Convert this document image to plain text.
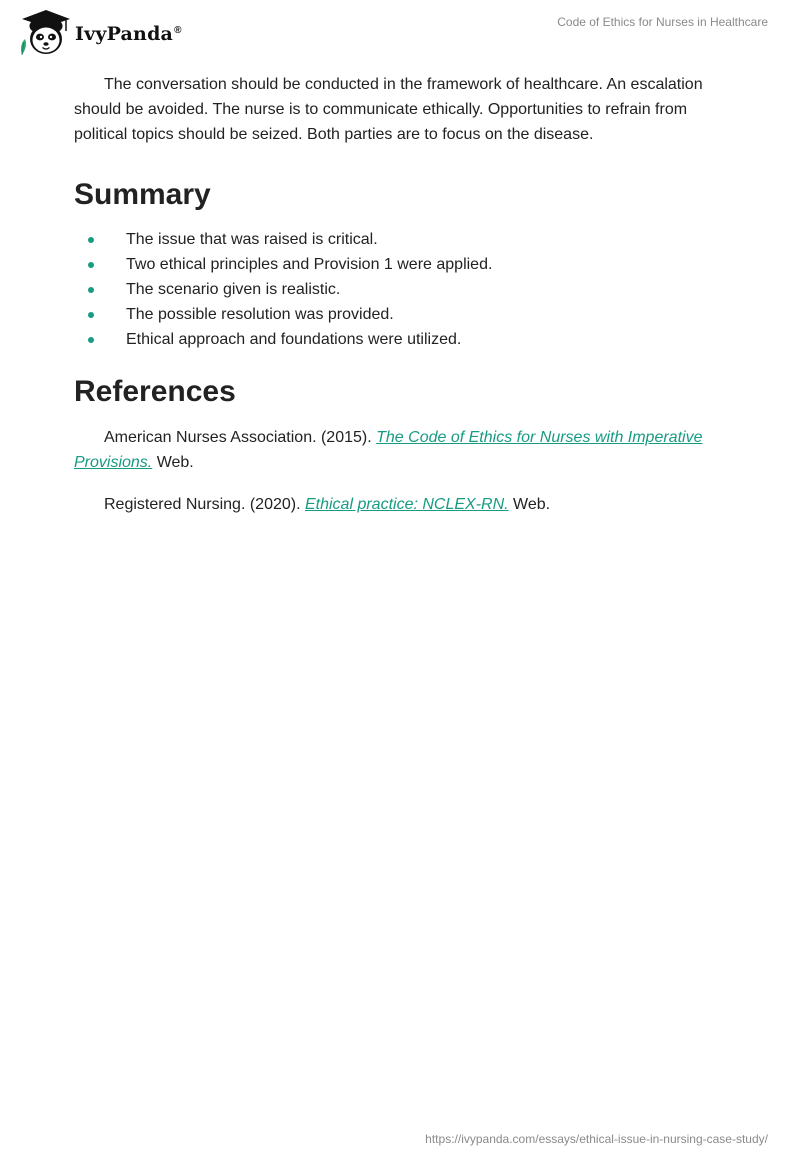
IvyPanda®
Code of Ethics for Nurses in Healthcare

The conversation should be conducted in the framework of healthcare. An escalation should be avoided. The nurse is to communicate ethically. Opportunities to refrain from political topics should be seized. Both parties are to focus on the disease.

Summary
The issue that was raised is critical.
Two ethical principles and Provision 1 were applied.
The scenario given is realistic.
The possible resolution was provided.
Ethical approach and foundations were utilized.
References

American Nurses Association. (2015). The Code of Ethics for Nurses with Imperative Provisions. Web.

Registered Nursing. (2020). Ethical practice: NCLEX-RN. Web.

https://ivypanda.com/essays/ethical-issue-in-nursing-case-study/
